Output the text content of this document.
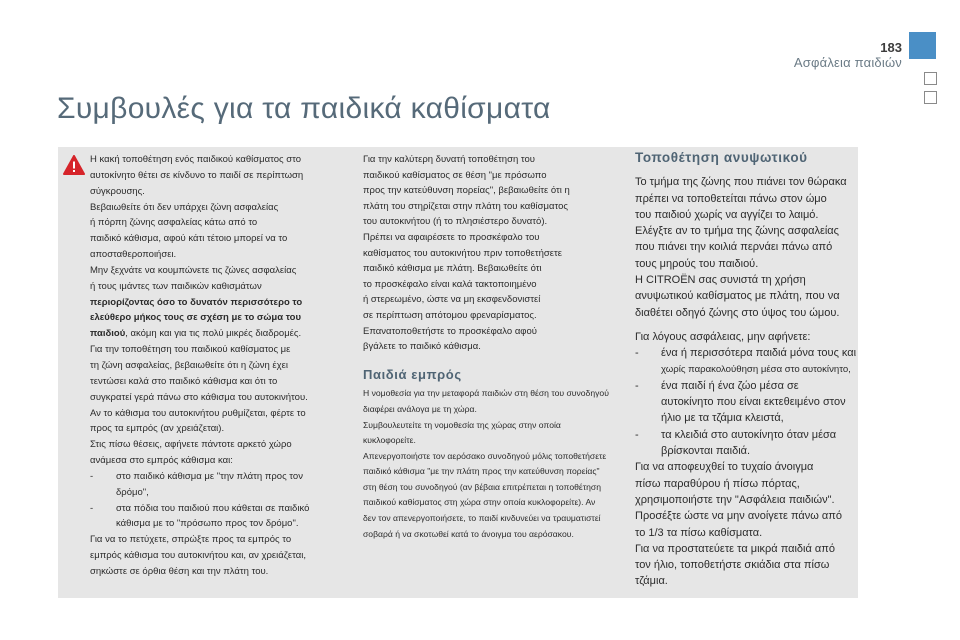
183
Ασφάλεια παιδιών
Συμβουλές για τα παιδικά καθίσματα
Η κακή τοποθέτηση ενός παιδικού καθίσματος στο
αυτοκίνητο θέτει σε κίνδυνο το παιδί σε περίπτωση
σύγκρουσης.
Βεβαιωθείτε ότι δεν υπάρχει ζώνη ασφαλείας
ή πόρπη ζώνης ασφαλείας κάτω από το
παιδικό κάθισμα, αφού κάτι τέτοιο μπορεί να το
αποσταθεροποιήσει.
Μην ξεχνάτε να κουμπώνετε τις ζώνες ασφαλείας
ή τους ιμάντες των παιδικών καθισμάτων
περιορίζοντας όσο το δυνατόν περισσότερο το
ελεύθερο μήκος τους σε σχέση με το σώμα του
παιδιού, ακόμη και για τις πολύ μικρές διαδρομές.
Για την τοποθέτηση του παιδικού καθίσματος με
τη ζώνη ασφαλείας, βεβαιωθείτε ότι η ζώνη έχει
τεντώσει καλά στο παιδικό κάθισμα και ότι το
συγκρατεί γερά πάνω στο κάθισμα του αυτοκινήτου.
Αν το κάθισμα του αυτοκινήτου ρυθμίζεται, φέρτε το
προς τα εμπρός (αν χρειάζεται).
Στις πίσω θέσεις, αφήνετε πάντοτε αρκετό χώρο
ανάμεσα στο εμπρός κάθισμα και:
- στο παιδικό κάθισμα με "την πλάτη προς τον
δρόμο",
- στα πόδια του παιδιού που κάθεται σε παιδικό
κάθισμα με το "πρόσωπο προς τον δρόμο".
Για να το πετύχετε, σπρώξτε προς τα εμπρός το
εμπρός κάθισμα του αυτοκινήτου και, αν χρειάζεται,
σηκώστε σε όρθια θέση και την πλάτη του.
Για την καλύτερη δυνατή τοποθέτηση του
παιδικού καθίσματος σε θέση "με πρόσωπο
προς την κατεύθυνση πορείας", βεβαιωθείτε ότι η
πλάτη του στηρίζεται στην πλάτη του καθίσματος
του αυτοκινήτου (ή το πλησιέστερο δυνατό).
Πρέπει να αφαιρέσετε το προσκέφαλο του
καθίσματος του αυτοκινήτου πριν τοποθετήσετε
παιδικό κάθισμα με πλάτη. Βεβαιωθείτε ότι
το προσκέφαλο είναι καλά τακτοποιημένο
ή στερεωμένο, ώστε να μη εκσφενδονιστεί
σε περίπτωση απότομου φρεναρίσματος.
Επανατοποθετήστε το προσκέφαλο αφού
βγάλετε το παιδικό κάθισμα.
Παιδιά εμπρός
Η νομοθεσία για την μεταφορά παιδιών στη θέση του συνοδηγού
διαφέρει ανάλογα με τη χώρα.
Συμβουλευτείτε τη νομοθεσία της χώρας στην οποία
κυκλοφορείτε.
Απενεργοποιήστε τον αερόσακο συνοδηγού μόλις τοποθετήσετε
παιδικό κάθισμα "με την πλάτη προς την κατεύθυνση πορείας"
στη θέση του συνοδηγού (αν βέβαια επιτρέπεται η τοποθέτηση
παιδικού καθίσματος στη χώρα στην οποία κυκλοφορείτε). Αν
δεν τον απενεργοποιήσετε, το παιδί κινδυνεύει να τραυματιστεί
σοβαρά ή να σκοτωθεί κατά το άνοιγμα του αερόσακου.
Τοποθέτηση ανυψωτικού
Το τμήμα της ζώνης που πιάνει τον θώρακα
πρέπει να τοποθετείται πάνω στον ώμο
του παιδιού χωρίς να αγγίζει το λαιμό.
Ελέγξτε αν το τμήμα της ζώνης ασφαλείας
που πιάνει την κοιλιά περνάει πάνω από
τους μηρούς του παιδιού.
Η CITROËN σας συνιστά τη χρήση
ανυψωτικού καθίσματος με πλάτη, που να
διαθέτει οδηγό ζώνης στο ύψος του ώμου.
Για λόγους ασφάλειας, μην αφήνετε:
- ένα ή περισσότερα παιδιά μόνα τους και
χωρίς παρακολούθηση μέσα στο αυτοκίνητο,
- ένα παιδί ή ένα ζώο μέσα σε
αυτοκίνητο που είναι εκτεθειμένο στον
ήλιο με τα τζάμια κλειστά,
- τα κλειδιά στο αυτοκίνητο όταν μέσα
βρίσκονται παιδιά.
Για να αποφευχθεί το τυχαίο άνοιγμα
πίσω παραθύρου ή πίσω πόρτας,
χρησιμοποιήστε την "Ασφάλεια παιδιών".
Προσέξτε ώστε να μην ανοίγετε πάνω από
το 1/3 τα πίσω καθίσματα.
Για να προστατεύετε τα μικρά παιδιά από
τον ήλιο, τοποθετήστε σκιάδια στα πίσω
τζάμια.
